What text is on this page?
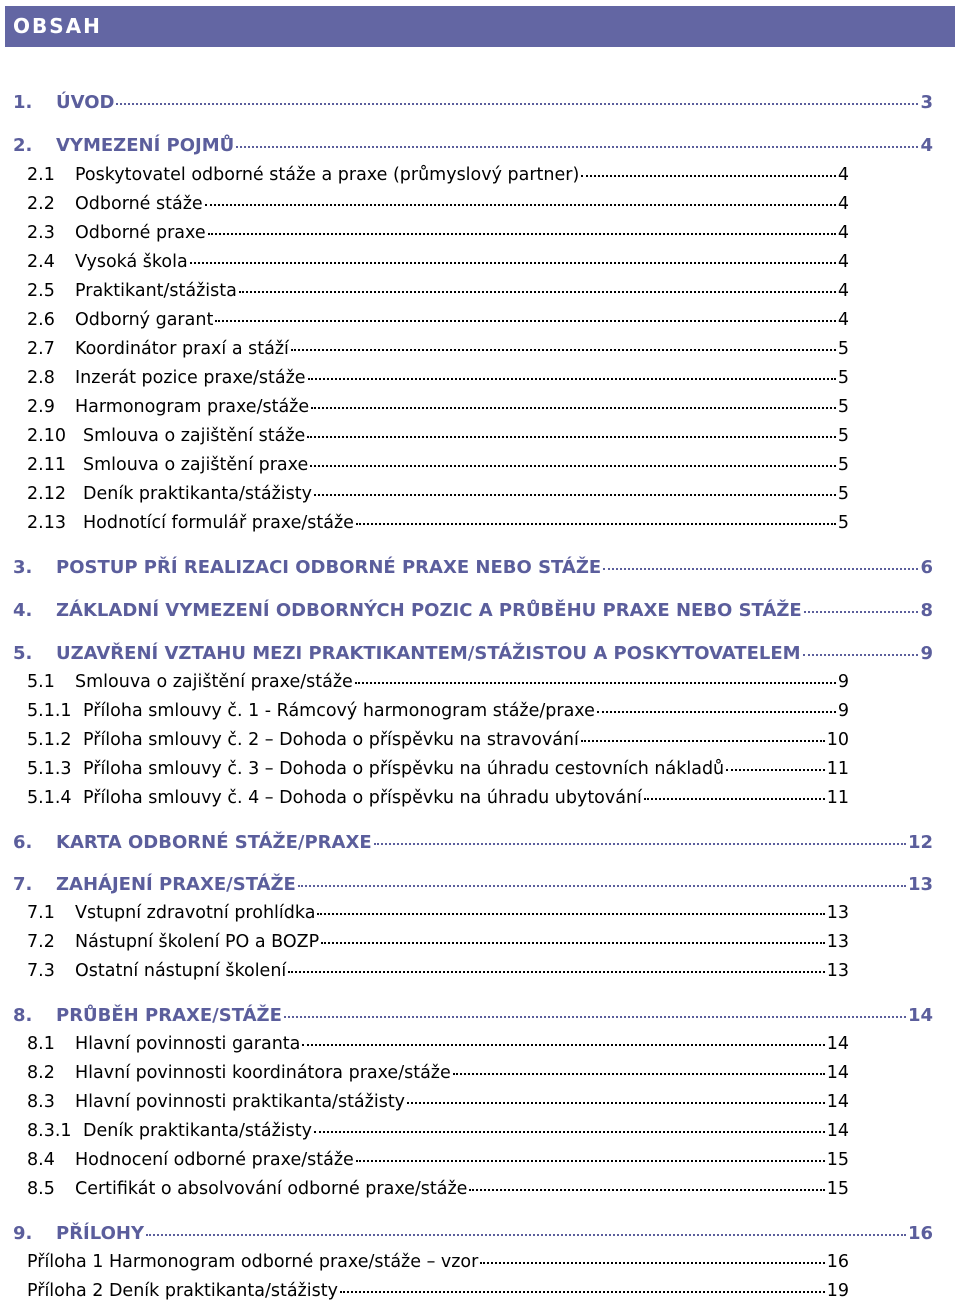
OBSAH
1.	ÚVOD	3
2.	VYMEZENÍ POJMŮ	4
2.1	Poskytovatel odborné stáže a praxe (průmyslový partner)	4
2.2	Odborné stáže	4
2.3	Odborné praxe	4
2.4	Vysoká škola	4
2.5	Praktikant/stážista	4
2.6	Odborný garant	4
2.7	Koordinátor praxí a stáží	5
2.8	Inzerát pozice praxe/stáže	5
2.9	Harmonogram praxe/stáže	5
2.10 Smlouva o zajištění stáže	5
2.11 Smlouva o zajištění praxe	5
2.12 Deník praktikanta/stážisty	5
2.13 Hodnotící formulář praxe/stáže	5
3.	POSTUP PŘÍ REALIZACI ODBORNÉ PRAXE NEBO STÁŽE	6
4.	ZÁKLADNÍ VYMEZENÍ ODBORNÝCH POZIC A PRŮBĚHU PRAXE NEBO STÁŽE	8
5.	UZAVŘENÍ VZTAHU MEZI PRAKTIKANTEM/STÁŽISTOU A POSKYTOVATELEM	9
5.1	Smlouva o zajištění praxe/stáže	9
5.1.1 Příloha smlouvy č. 1 - Rámcový harmonogram stáže/praxe	9
5.1.2 Příloha smlouvy č. 2 – Dohoda o příspěvku na stravování	10
5.1.3 Příloha smlouvy č. 3 – Dohoda o příspěvku na úhradu cestovních nákladů	11
5.1.4 Příloha smlouvy č. 4 – Dohoda o příspěvku na úhradu ubytování	11
6.	KARTA ODBORNÉ STÁŽE/PRAXE	12
7.	ZAHÁJENÍ PRAXE/STÁŽE	13
7.1	Vstupní zdravotní prohlídka	13
7.2	Nástupní školení PO a BOZP	13
7.3	Ostatní nástupní školení	13
8.	PRŮBĚH PRAXE/STÁŽE	14
8.1	Hlavní povinnosti garanta	14
8.2	Hlavní povinnosti koordinátora praxe/stáže	14
8.3	Hlavní povinnosti praktikanta/stážisty	14
8.3.1 Deník praktikanta/stážisty	14
8.4	Hodnocení odborné praxe/stáže	15
8.5	Certifikát o absolvování odborné praxe/stáže	15
9.	PŘÍLOHY	16
Příloha 1 Harmonogram odborné praxe/stáže – vzor	16
Příloha 2 Deník praktikanta/stážisty	19
